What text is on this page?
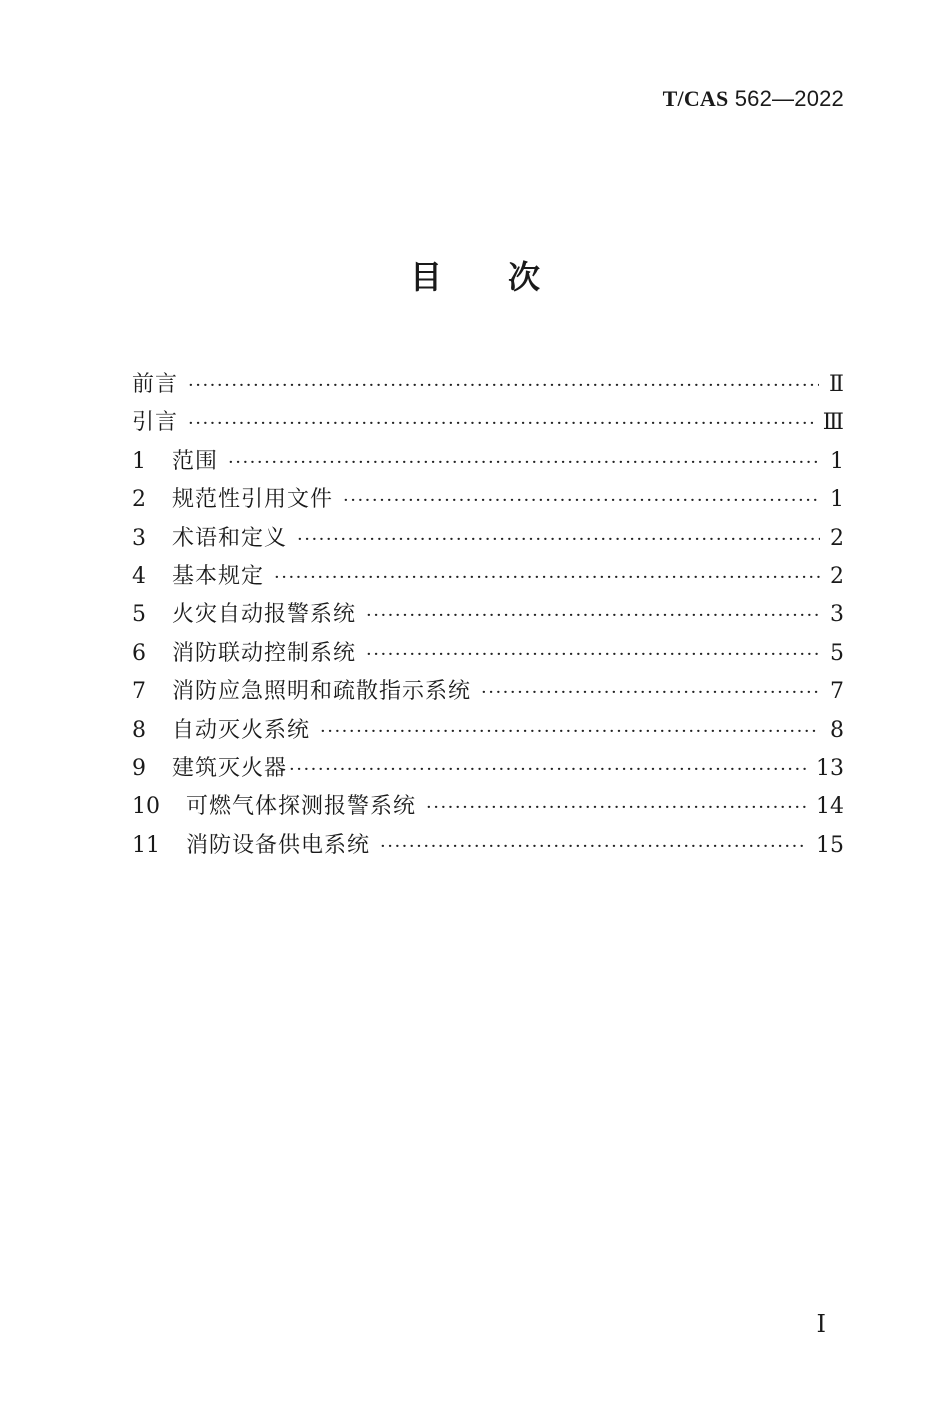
T/CAS 562—2022
目 次
前言 ·····	Ⅱ
引言 ·····	Ⅲ
1	范围 ·····	1
2	规范性引用文件 ·····	1
3	术语和定义 ·····	2
4	基本规定 ·····	2
5	火灾自动报警系统 ·····	3
6	消防联动控制系统 ·····	5
7	消防应急照明和疏散指示系统 ·····	7
8	自动灭火系统 ·····	8
9	建筑灭火器 ·····	13
10	可燃气体探测报警系统 ·····	14
11	消防设备供电系统 ·····	15
Ⅰ
